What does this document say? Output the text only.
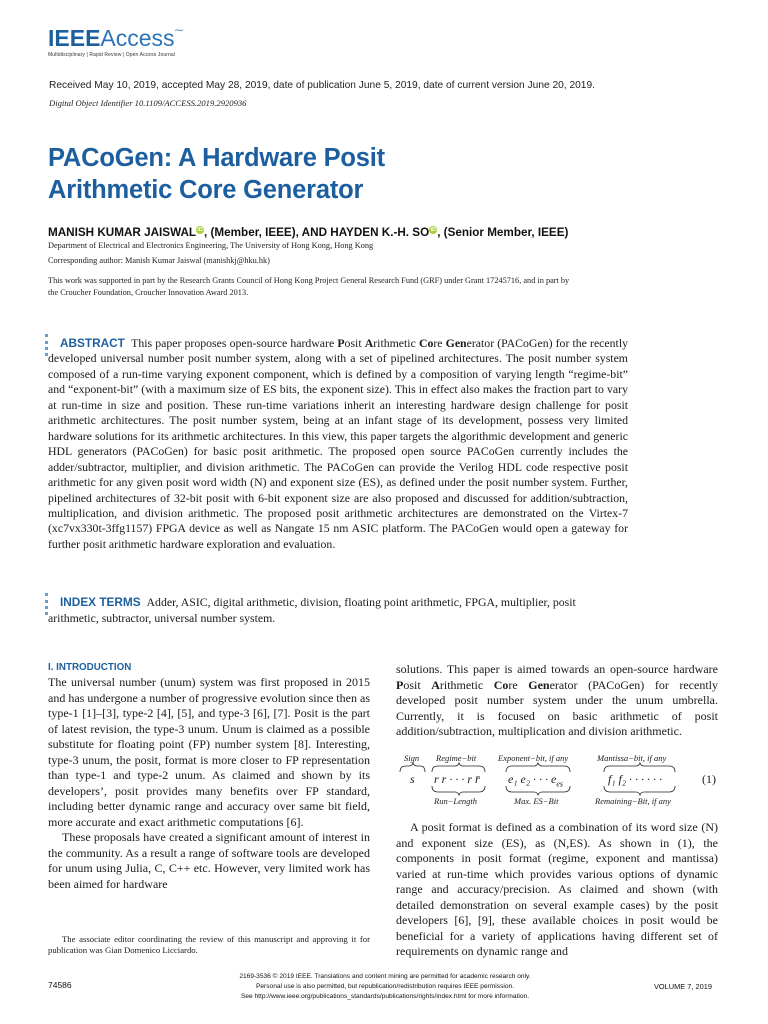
IEEEAccess⁓
Multidisciplinary | Rapid Review | Open Access Journal
Received May 10, 2019, accepted May 28, 2019, date of publication June 5, 2019, date of current version June 20, 2019.
Digital Object Identifier 10.1109/ACCESS.2019.2920936
PACoGen: A Hardware Posit
Arithmetic Core Generator
MANISH KUMAR JAISWALiD, (Member, IEEE), AND HAYDEN K.-H. SOiD, (Senior Member, IEEE)
Department of Electrical and Electronics Engineering, The University of Hong Kong, Hong Kong
Corresponding author: Manish Kumar Jaiswal (manishkj@hku.hk)
This work was supported in part by the Research Grants Council of Hong Kong Project General Research Fund (GRF) under Grant 17245716, and in part by the Croucher Foundation, Croucher Innovation Award 2013.
ABSTRACT This paper proposes open-source hardware Posit Arithmetic Core Generator (PACoGen) for the recently developed universal number posit number system, along with a set of pipelined architectures. The posit number system composed of a run-time varying exponent component, which is defined by a composition of varying length “regime-bit” and “exponent-bit” (with a maximum size of ES bits, the exponent size). This in effect also makes the fraction part to vary at run-time in size and position. These run-time variations inherit an interesting hardware design challenge for posit arithmetic architectures. The posit number system, being at an infant stage of its development, possess very limited hardware solutions for its arithmetic architectures. In this view, this paper targets the algorithmic development and generic HDL generators (PACoGen) for basic posit arithmetic. The proposed open source PACoGen currently includes the adder/subtractor, multiplier, and division arithmetic. The PACoGen can provide the Verilog HDL code respective posit arithmetic for any given posit word width (N) and exponent size (ES), as defined under the posit number system. Further, pipelined architectures of 32-bit posit with 6-bit exponent size are also proposed and discussed for addition/subtraction, multiplication, and division arithmetic. The proposed posit arithmetic architectures are demonstrated on the Virtex-7 (xc7vx330t-3ffg1157) FPGA device as well as Nangate 15 nm ASIC platform. The PACoGen would open a gateway for further posit arithmetic hardware exploration and evaluation.
INDEX TERMS Adder, ASIC, digital arithmetic, division, floating point arithmetic, FPGA, multiplier, posit arithmetic, subtractor, universal number system.
I. INTRODUCTION
The universal number (unum) system was first proposed in 2015 and has undergone a number of progressive evolution since then as type-1 [1]–[3], type-2 [4], [5], and type-3 [6], [7]. Posit is the part of latest revision, the type-3 unum. Unum is claimed as a possible substitute for floating point (FP) number system [8]. Interesting, type-3 unum, the posit, format is more closer to FP representation than type-1 and type-2 unum. As claimed and shown by its developers’, posit provides many benefits over FP standard, including better dynamic range and accuracy over same bit field, more accurate and exact arithmetic computations [6].
These proposals have created a significant amount of interest in the community. As a result a range of software tools are developed for unum using Julia, C, C++ etc. However, very limited work has been aimed for hardware
The associate editor coordinating the review of this manuscript and approving it for publication was Gian Domenico Licciardo.
solutions. This paper is aimed towards an open-source hardware Posit Arithmetic Core Generator (PACoGen) for recently developed posit number system under the unum umbrella. Currently, it is focused on basic arithmetic of posit addition/subtraction, multiplication and division arithmetic.
Sign
s
Regime−bit
r r · · · r r̄
Run−Length
Exponent−bit, if any
e₁ e₂ · · · $e_{es}$
Max. ES−Bit
Mantissa−bit, if any
f₁ f₂ · · · · · ·
Remaining−Bit, if any
(1)
A posit format is defined as a combination of its word size (N) and exponent size (ES), as (N,ES). As shown in (1), the components in posit format (regime, exponent and mantissa) varied at run-time which provides various options of dynamic range and accuracy/precision. As claimed and shown (with detailed demonstration on several example cases) by the posit developers [6], [9], these available choices in posit would be beneficial for a variety of applications having different set of requirements on dynamic range and
74586
2169-3536 © 2019 IEEE. Translations and content mining are permitted for academic research only.
Personal use is also permitted, but republication/redistribution requires IEEE permission.
See http://www.ieee.org/publications_standards/publications/rights/index.html for more information.
VOLUME 7, 2019
